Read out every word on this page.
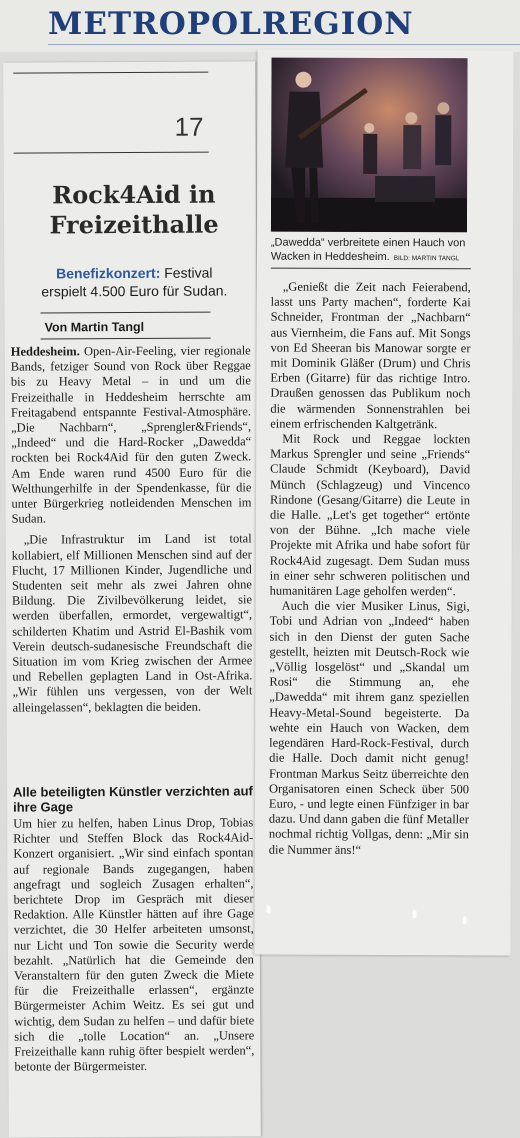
METROPOLREGION
17
Rock4Aid in
Freizeithalle
Benefizkonzert: Festival
erspielt 4.500 Euro für Sudan.
Von Martin Tangl

Heddesheim. Open-Air-Feeling, vier regionale Bands, fetziger Sound von Rock über Reggae bis zu Heavy Metal – in und um die Freizeithalle in Heddesheim herrschte am Freitagabend entspannte Festival-Atmosphäre. „Die Nachbarn“, „Sprengler&Friends“, „Indeed“ und die Hard-Rocker „Dawedda“ rockten bei Rock4Aid für den guten Zweck. Am Ende waren rund 4500 Euro für die Welthungerhilfe in der Spendenkasse, für die unter Bürgerkrieg notleidenden Menschen im Sudan.

„Die Infrastruktur im Land ist total kollabiert, elf Millionen Menschen sind auf der Flucht, 17 Millionen Kinder, Jugendliche und Studenten seit mehr als zwei Jahren ohne Bildung. Die Zivilbevölkerung leidet, sie werden überfallen, ermordet, vergewaltigt“, schilderten Khatim und Astrid El-Bashik vom Verein deutsch-sudanesische Freundschaft die Situation im vom Krieg zwischen der Armee und Rebellen geplagten Land in Ost-Afrika. „Wir fühlen uns vergessen, von der Welt alleingelassen“, beklagten die beiden.

Alle beteiligten Künstler verzichten auf ihre Gage

Um hier zu helfen, haben Linus Drop, Tobias Richter und Steffen Block das Rock4Aid-Konzert organisiert. „Wir sind einfach spontan auf regionale Bands zugegangen, haben angefragt und sogleich Zusagen erhalten“, berichtete Drop im Gespräch mit dieser Redaktion. Alle Künstler hätten auf ihre Gage verzichtet, die 30 Helfer arbeiteten umsonst, nur Licht und Ton sowie die Security werde bezahlt. „Natürlich hat die Gemeinde den Veranstaltern für den guten Zweck die Miete für die Freizeithalle erlassen“, ergänzte Bürgermeister Achim Weitz. Es sei gut und wichtig, dem Sudan zu helfen – und dafür biete sich die „tolle Location“ an. „Unsere Freizeithalle kann ruhig öfter bespielt werden“, betonte der Bürgermeister.

„Dawedda“ verbreitete einen Hauch von Wacken in Heddesheim. BILD: MARTIN TANGL

„Genießt die Zeit nach Feierabend, lasst uns Party machen“, forderte Kai Schneider, Frontman der „Nachbarn“ aus Viernheim, die Fans auf. Mit Songs von Ed Sheeran bis Manowar sorgte er mit Dominik Gläßer (Drum) und Chris Erben (Gitarre) für das richtige Intro. Draußen genossen das Publikum noch die wärmenden Sonnenstrahlen bei einem erfrischenden Kaltgetränk.

Mit Rock und Reggae lockten Markus Sprengler und seine „Friends“ Claude Schmidt (Keyboard), David Münch (Schlagzeug) und Vincenco Rindone (Gesang/Gitarre) die Leute in die Halle. „Let's get together“ ertönte von der Bühne. „Ich mache viele Projekte mit Afrika und habe sofort für Rock4Aid zugesagt. Dem Sudan muss in einer sehr schweren politischen und humanitären Lage geholfen werden“.

Auch die vier Musiker Linus, Sigi, Tobi und Adrian von „Indeed“ haben sich in den Dienst der guten Sache gestellt, heizten mit Deutsch-Rock wie „Völlig losgelöst“ und „Skandal um Rosi“ die Stimmung an, ehe „Dawedda“ mit ihrem ganz speziellen Heavy-Metal-Sound begeisterte. Da wehte ein Hauch von Wacken, dem legendären Hard-Rock-Festival, durch die Halle. Doch damit nicht genug! Frontman Markus Seitz überreichte den Organisatoren einen Scheck über 500 Euro, - und legte einen Fünfziger in bar dazu. Und dann gaben die fünf Metaller nochmal richtig Vollgas, denn: „Mir sin die Nummer äns!“
